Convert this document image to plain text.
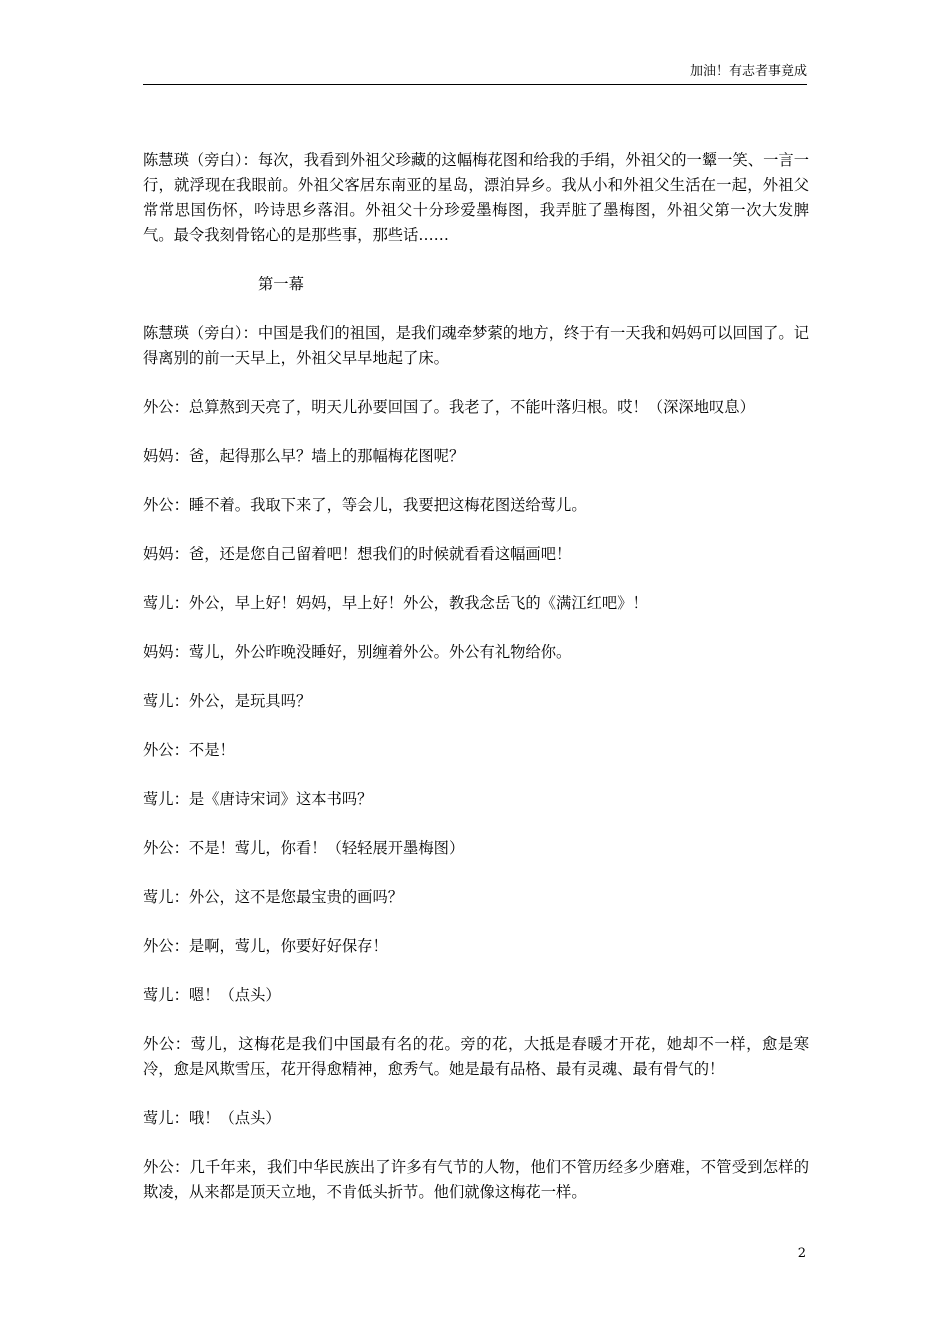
加油！有志者事竟成

陈慧瑛（旁白）：每次，我看到外祖父珍藏的这幅梅花图和给我的手绢，外祖父的一颦一笑、一言一行，就浮现在我眼前。外祖父客居东南亚的星岛，漂泊异乡。我从小和外祖父生活在一起，外祖父常常思国伤怀，吟诗思乡落泪。外祖父十分珍爱墨梅图，我弄脏了墨梅图，外祖父第一次大发脾气。最令我刻骨铭心的是那些事，那些话……

第一幕

陈慧瑛（旁白）：中国是我们的祖国，是我们魂牵梦萦的地方，终于有一天我和妈妈可以回国了。记得离别的前一天早上，外祖父早早地起了床。

外公：总算熬到天亮了，明天儿孙要回国了。我老了，不能叶落归根。哎！（深深地叹息）

妈妈：爸，起得那么早？墙上的那幅梅花图呢？

外公：睡不着。我取下来了，等会儿，我要把这梅花图送给莺儿。

妈妈：爸，还是您自己留着吧！想我们的时候就看看这幅画吧！

莺儿：外公，早上好！妈妈，早上好！外公，教我念岳飞的《满江红吧》！

妈妈：莺儿，外公昨晚没睡好，别缠着外公。外公有礼物给你。

莺儿：外公，是玩具吗？

外公：不是！

莺儿：是《唐诗宋词》这本书吗？

外公：不是！莺儿，你看！（轻轻展开墨梅图）

莺儿：外公，这不是您最宝贵的画吗？

外公：是啊，莺儿，你要好好保存！

莺儿：嗯！（点头）

外公：莺儿，这梅花是我们中国最有名的花。旁的花，大抵是春暖才开花，她却不一样，愈是寒冷，愈是风欺雪压，花开得愈精神，愈秀气。她是最有品格、最有灵魂、最有骨气的！

莺儿：哦！（点头）

外公：几千年来，我们中华民族出了许多有气节的人物，他们不管历经多少磨难，不管受到怎样的欺凌，从来都是顶天立地，不肯低头折节。他们就像这梅花一样。

2
